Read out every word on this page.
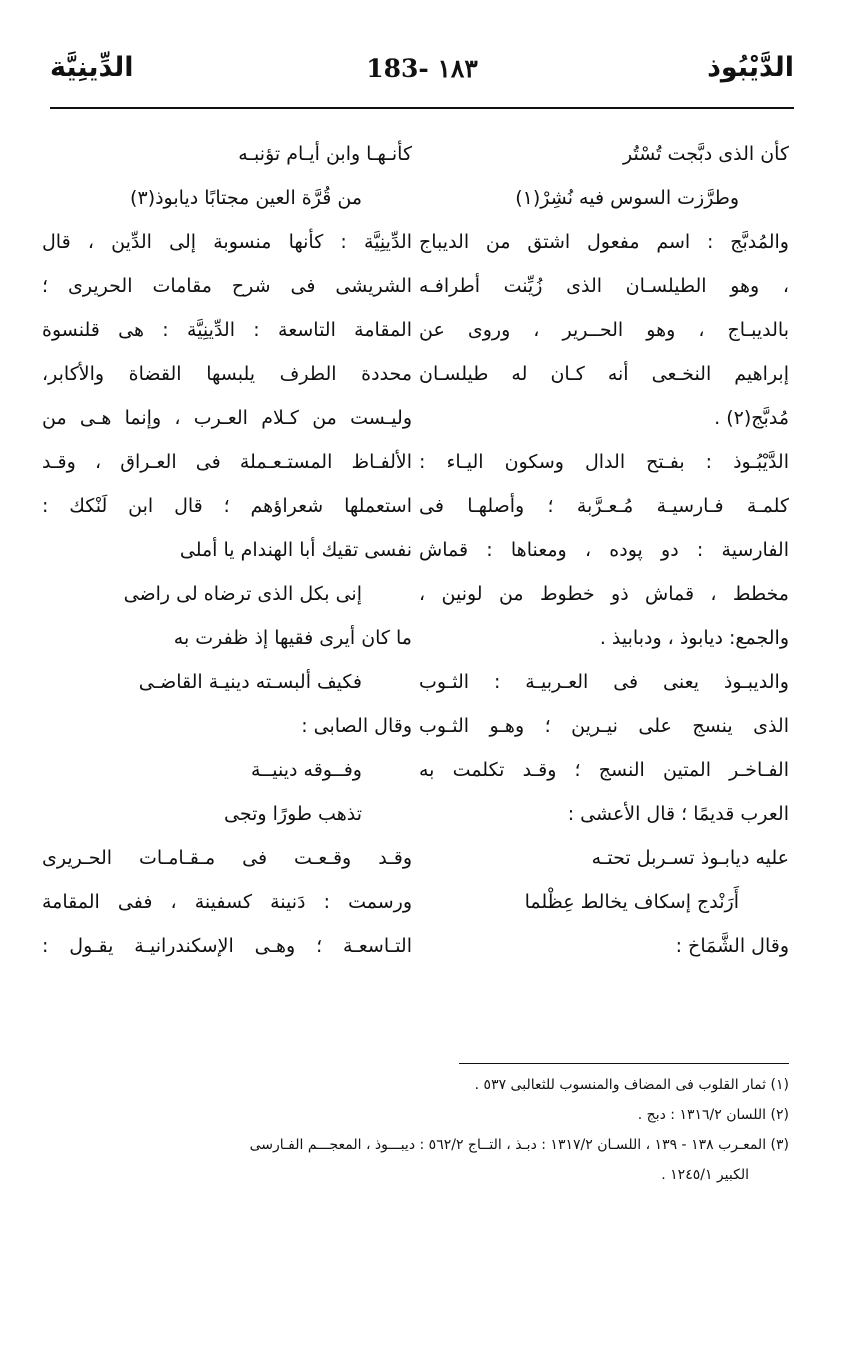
الدَّيْبُوذ
١٨٣ -183
الدِّينِيَّة
كأن الذى دبَّجت تُسْتُر
وطرَّزت السوس فيه نُشِرْ(١)
والمُدبَّج : اسم مفعول اشتق من الديباج
، وهو الطيلسـان الذى زُيِّنت أطرافـه
بالديبـاج ، وهو الحــرير ، وروى عن
إبراهيم النخـعى أنه كـان له طيلسـان
مُدبَّج(٢) .
الدَّيْبُـوذ : بفـتح الدال وسكون اليـاء :
كلمـة فـارسيـة مُـعـرَّبة ؛ وأصلهـا فى
الفارسية : دو پوده ، ومعناها : قماش
مخطط ، قماش ذو خطوط من لونين ،
والجمع: ديابوذ ، ودبابيذ .
والديبـوذ يعنى فى العـربيـة : الثـوب
الذى ينسج على نيـرين ؛ وهـو الثـوب
الفـاخـر المتين النسج ؛ وقـد تكلمت به
العرب قديمًا ؛ قال الأعشى :
عليه ديابـوذ تسـربل تحتـه
أَرَنْدج إسكاف يخالط عِظْلما
وقال الشَّمَاخ :
كأنـهـا وابن أيـام تؤنبـه
من قُرَّة العين مجتابًا ديابوذ(٣)
الدِّينِيَّة : كأنها منسوبة إلى الدِّين ، قال
الشريشى فى شرح مقامات الحريرى ؛
المقامة التاسعة : الدِّينِيَّة : هى قلنسوة
محددة الطرف يلبسها القضاة والأكابر،
وليـست من كـلام العـرب ، وإنما هـى من
الألفـاظ المستـعـملة فى العـراق ، وقـد
استعملها شعراؤهم ؛ قال ابن لَنْكك :
نفسى تقيك أبا الهندام يا أملى
إنى بكل الذى ترضاه لى راضى
ما كان أيرى فقيها إذ ظفرت به
فكيف ألبسـته دينيـة القاضـى
وقال الصابى :
وفــوقه دينيــة
تذهب طورًا وتجى
وقـد وقـعـت فى مـقـامـات الحـريرى
ورسمت : دَنينة كسفينة ، ففى المقامة
التـاسعـة ؛ وهـى الإسكندرانيـة يقـول :
(١) ثمار القلوب فى المضاف والمنسوب للثعالبى ٥٣٧ .
(٢) اللسان ١٣١٦/٢ : دبج .
(٣) المعـرب ١٣٨ - ١٣٩ ، اللسـان ١٣١٧/٢ : دبـذ ، التــاج ٥٦٢/٢ : ديبـــوذ ، المعجـــم الفـارسى
الكبير ١٢٤٥/١ .
